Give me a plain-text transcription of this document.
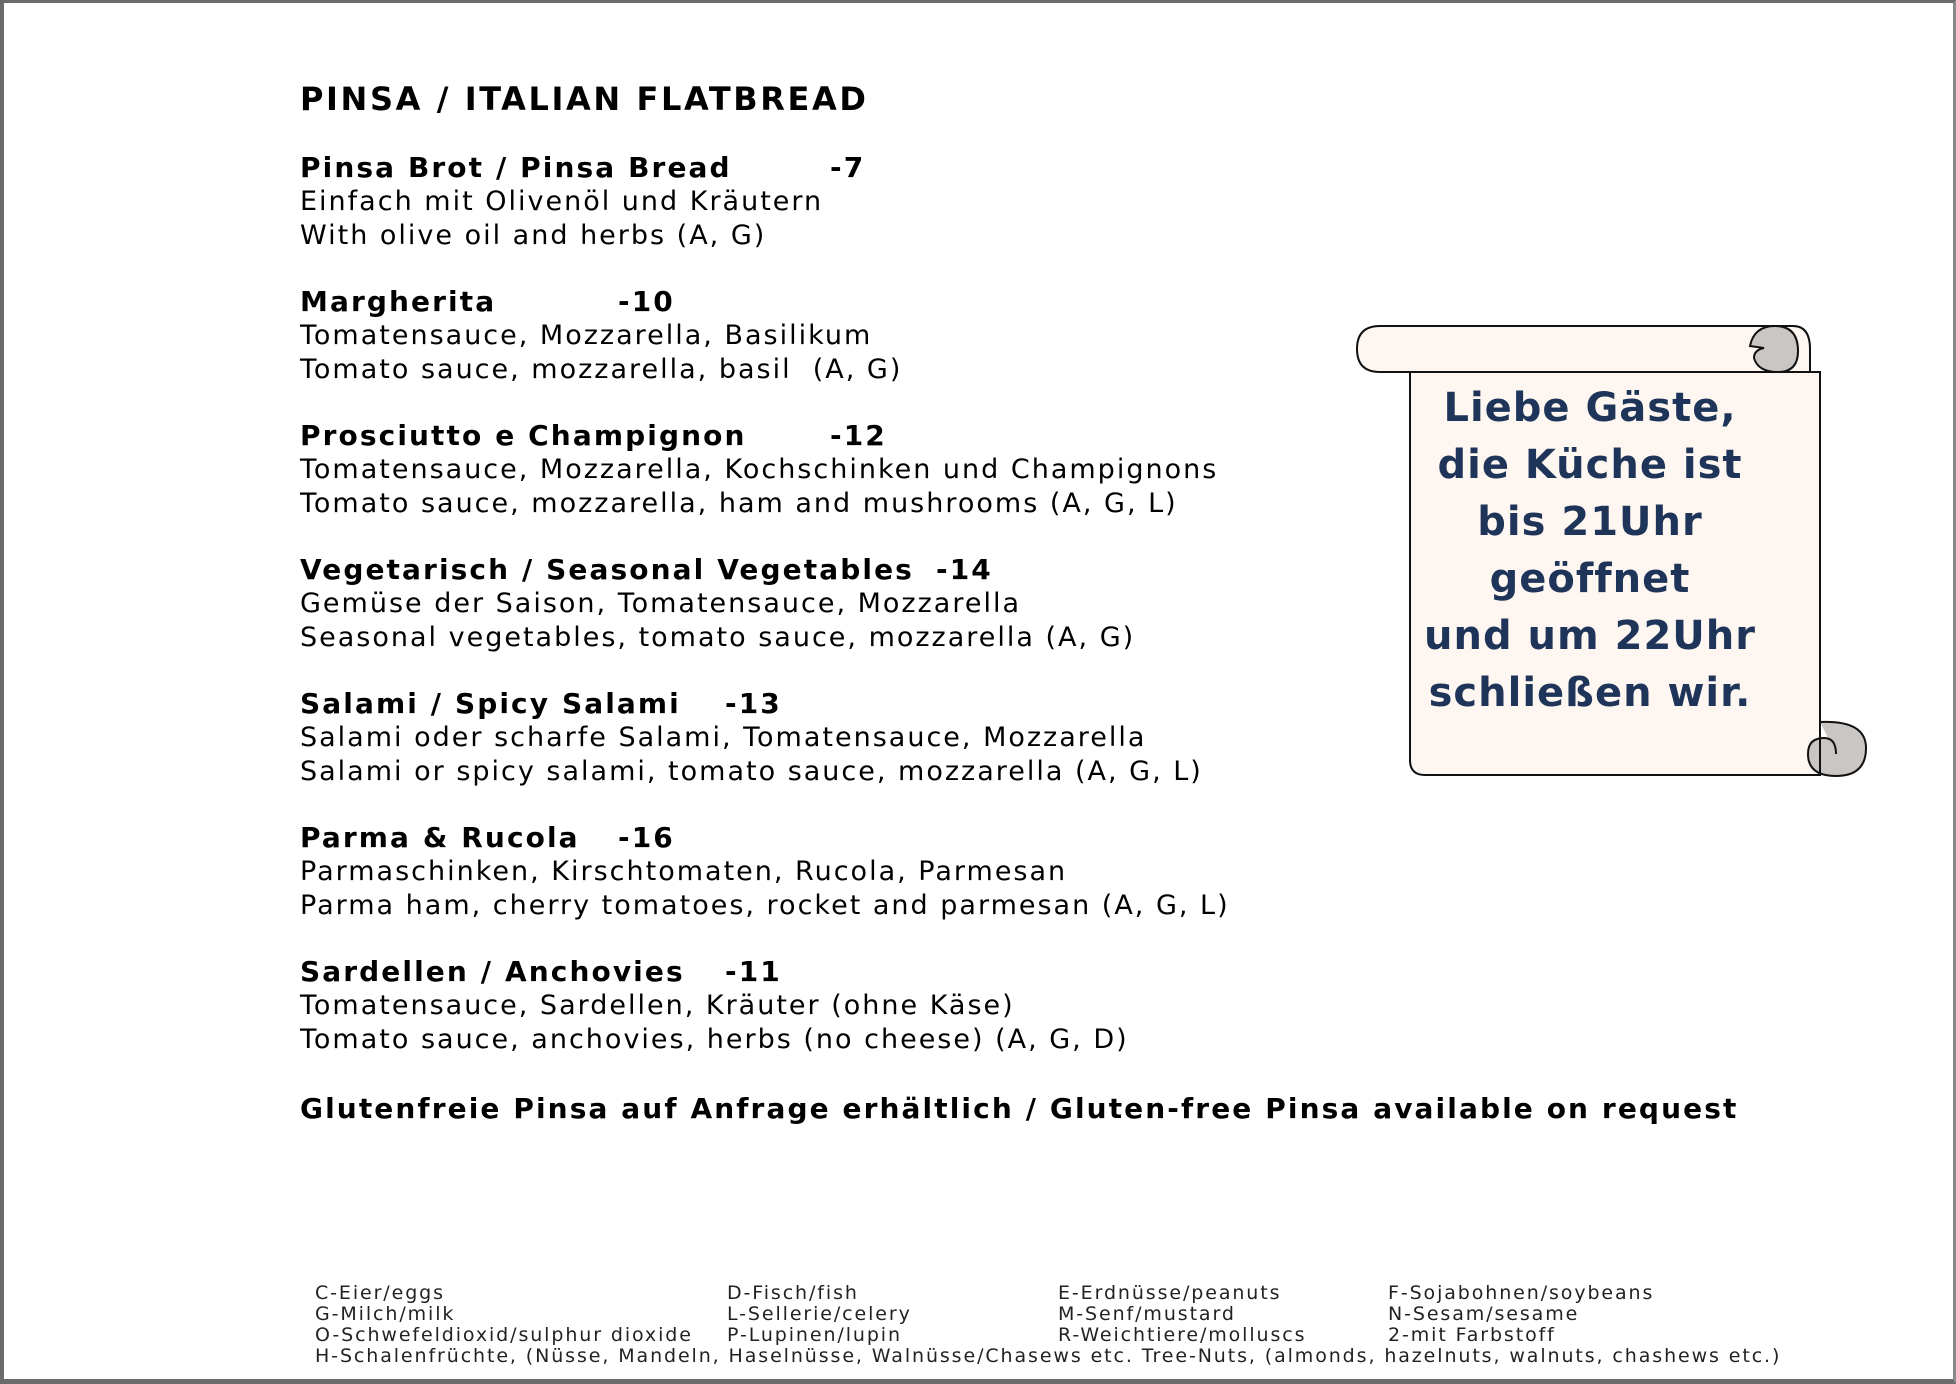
PINSA / ITALIAN FLATBREAD
Pinsa Brot / Pinsa Bread	-7
Einfach mit Olivenöl und Kräutern
With olive oil and herbs (A, G)
Margherita	-10
Tomatensauce, Mozzarella, Basilikum
Tomato sauce, mozzarella, basil  (A, G)
Prosciutto e Champignon	-12
Tomatensauce, Mozzarella, Kochschinken und Champignons
Tomato sauce, mozzarella, ham and mushrooms (A, G, L)
Vegetarisch / Seasonal Vegetables -14
Gemüse der Saison, Tomatensauce, Mozzarella
Seasonal vegetables, tomato sauce, mozzarella (A, G)
Salami / Spicy Salami -13
Salami oder scharfe Salami, Tomatensauce, Mozzarella
Salami or spicy salami, tomato sauce, mozzarella (A, G, L)
Parma & Rucola -16
Parmaschinken, Kirschtomaten, Rucola, Parmesan
Parma ham, cherry tomatoes, rocket and parmesan (A, G, L)
Sardellen / Anchovies -11
Tomatensauce, Sardellen, Kräuter (ohne Käse)
Tomato sauce, anchovies, herbs (no cheese) (A, G, D)
Glutenfreie Pinsa auf Anfrage erhältlich / Gluten-free Pinsa available on request
Liebe Gäste,
die Küche ist
bis 21Uhr
geöffnet
und um 22Uhr
schließen wir.
C-Eier/eggs	D-Fisch/fish	E-Erdnüsse/peanuts	F-Sojabohnen/soybeans
G-Milch/milk	L-Sellerie/celery	M-Senf/mustard	N-Sesam/sesame
O-Schwefeldioxid/sulphur dioxide P-Lupinen/lupin	R-Weichtiere/molluscs	2-mit Farbstoff
H-Schalenfrüchte, (Nüsse, Mandeln, Haselnüsse, Walnüsse/Chasews etc. Tree-Nuts, (almonds, hazelnuts, walnuts, chashews etc.)
